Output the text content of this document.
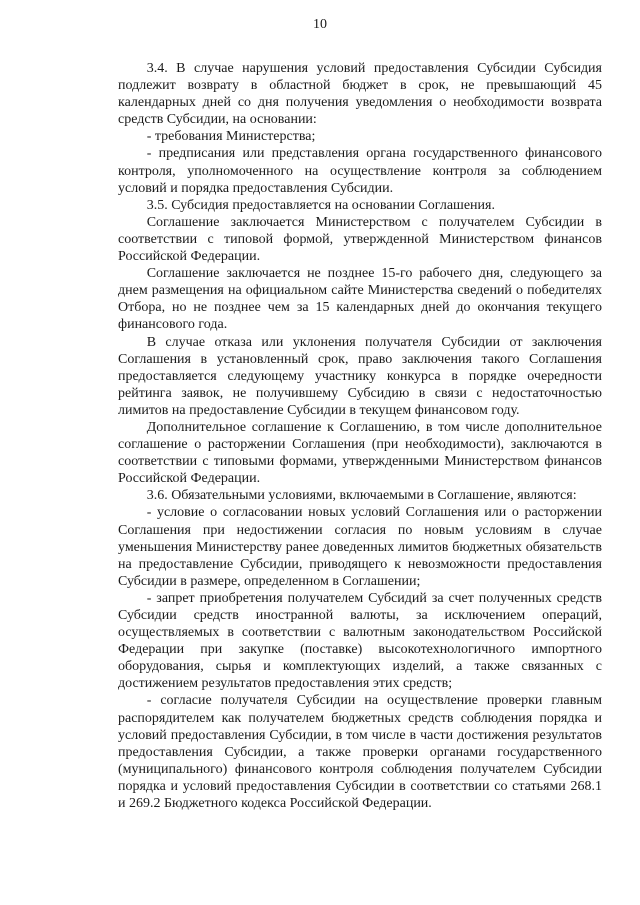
10

3.4. В случае нарушения условий предоставления Субсидии Субсидия подлежит возврату в областной бюджет в срок, не превышающий 45 календарных дней со дня получения уведомления о необходимости возврата средств Субсидии, на основании:

- требования Министерства;

- предписания или представления органа государственного финансового контроля, уполномоченного на осуществление контроля за соблюдением условий и порядка предоставления Субсидии.

3.5. Субсидия предоставляется на основании Соглашения.

Соглашение заключается Министерством с получателем Субсидии в соответствии с типовой формой, утвержденной Министерством финансов Российской Федерации.

Соглашение заключается не позднее 15-го рабочего дня, следующего за днем размещения на официальном сайте Министерства сведений о победителях Отбора, но не позднее чем за 15 календарных дней до окончания текущего финансового года.

В случае отказа или уклонения получателя Субсидии от заключения Соглашения в установленный срок, право заключения такого Соглашения предоставляется следующему участнику конкурса в порядке очередности рейтинга заявок, не получившему Субсидию в связи с недостаточностью лимитов на предоставление Субсидии в текущем финансовом году.

Дополнительное соглашение к Соглашению, в том числе дополнительное соглашение о расторжении Соглашения (при необходимости), заключаются в соответствии с типовыми формами, утвержденными Министерством финансов Российской Федерации.

3.6. Обязательными условиями, включаемыми в Соглашение, являются:

- условие о согласовании новых условий Соглашения или о расторжении Соглашения при недостижении согласия по новым условиям в случае уменьшения Министерству ранее доведенных лимитов бюджетных обязательств на предоставление Субсидии, приводящего к невозможности предоставления Субсидии в размере, определенном в Соглашении;

- запрет приобретения получателем Субсидий за счет полученных средств Субсидии средств иностранной валюты, за исключением операций, осуществляемых в соответствии с валютным законодательством Российской Федерации при закупке (поставке) высокотехнологичного импортного оборудования, сырья и комплектующих изделий, а также связанных с достижением результатов предоставления этих средств;

- согласие получателя Субсидии на осуществление проверки главным распорядителем как получателем бюджетных средств соблюдения порядка и условий предоставления Субсидии, в том числе в части достижения результатов предоставления Субсидии, а также проверки органами государственного (муниципального) финансового контроля соблюдения получателем Субсидии порядка и условий предоставления Субсидии в соответствии со статьями 268.1 и 269.2 Бюджетного кодекса Российской Федерации.
